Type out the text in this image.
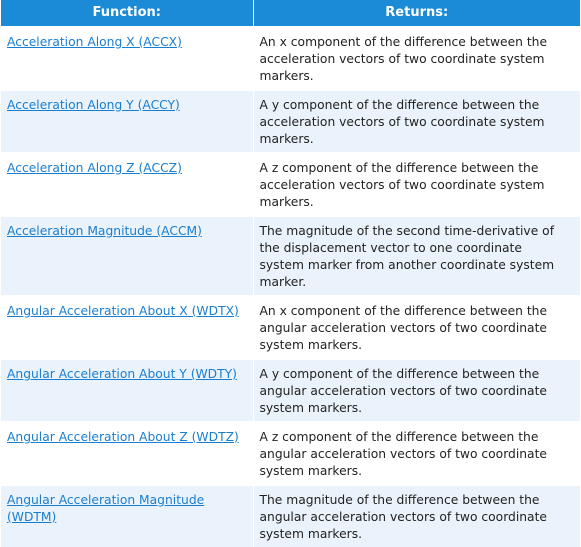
Function:	Returns:
Acceleration Along X (ACCX)	An x component of the difference between the acceleration vectors of two coordinate system markers.
Acceleration Along Y (ACCY)	A y component of the difference between the acceleration vectors of two coordinate system markers.
Acceleration Along Z (ACCZ)	A z component of the difference between the acceleration vectors of two coordinate system markers.
Acceleration Magnitude (ACCM)	The magnitude of the second time-derivative of the displacement vector to one coordinate system marker from another coordinate system marker.
Angular Acceleration About X (WDTX)	An x component of the difference between the angular acceleration vectors of two coordinate system markers.
Angular Acceleration About Y (WDTY)	A y component of the difference between the angular acceleration vectors of two coordinate system markers.
Angular Acceleration About Z (WDTZ)	A z component of the difference between the angular acceleration vectors of two coordinate system markers.
Angular Acceleration Magnitude (WDTM)	The magnitude of the difference between the angular acceleration vectors of two coordinate system markers.
